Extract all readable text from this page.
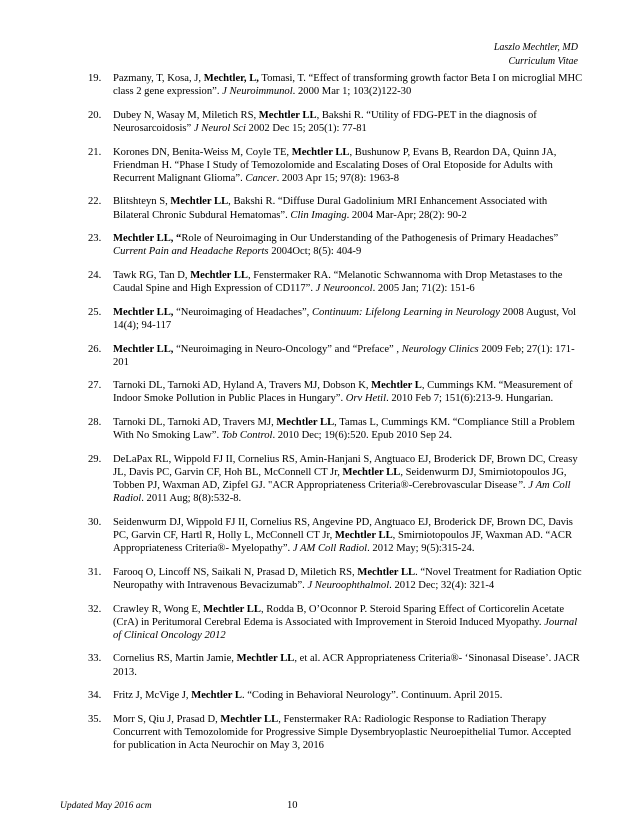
Laszlo Mechtler, MD
Curriculum Vitae
19. Pazmany, T, Kosa, J, Mechtler, L, Tomasi, T. “Effect of transforming growth factor Beta I on microglial MHC class 2 gene expression”. J Neuroimmunol. 2000 Mar 1; 103(2)122-30
20. Dubey N, Wasay M, Miletich RS, Mechtler LL, Bakshi R. “Utility of FDG-PET in the diagnosis of Neurosarcoidosis” J Neurol Sci 2002 Dec 15; 205(1): 77-81
21. Korones DN, Benita-Weiss M, Coyle TE, Mechtler LL, Bushunow P, Evans B, Reardon DA, Quinn JA, Friendman H. “Phase I Study of Temozolomide and Escalating Doses of Oral Etoposide for Adults with Recurrent Malignant Glioma”. Cancer. 2003 Apr 15; 97(8): 1963-8
22. Blitshteyn S, Mechtler LL, Bakshi R. “Diffuse Dural Gadolinium MRI Enhancement Associated with Bilateral Chronic Subdural Hematomas”. Clin Imaging. 2004 Mar-Apr; 28(2): 90-2
23. Mechtler LL, “Role of Neuroimaging in Our Understanding of the Pathogenesis of Primary Headaches” Current Pain and Headache Reports 2004Oct; 8(5): 404-9
24. Tawk RG, Tan D, Mechtler LL, Fenstermaker RA. “Melanotic Schwannoma with Drop Metastases to the Caudal Spine and High Expression of CD117”. J Neurooncol. 2005 Jan; 71(2): 151-6
25. Mechtler LL, “Neuroimaging of Headaches”, Continuum: Lifelong Learning in Neurology 2008 August, Vol 14(4); 94-117
26. Mechtler LL, “Neuroimaging in Neuro-Oncology” and “Preface” , Neurology Clinics 2009 Feb; 27(1): 171-201
27. Tarnoki DL, Tarnoki AD, Hyland A, Travers MJ, Dobson K, Mechtler L, Cummings KM. “Measurement of Indoor Smoke Pollution in Public Places in Hungary”. Orv Hetil. 2010 Feb 7; 151(6):213-9. Hungarian.
28. Tarnoki DL, Tarnoki AD, Travers MJ, Mechtler LL, Tamas L, Cummings KM. “Compliance Still a Problem With No Smoking Law”. Tob Control. 2010 Dec; 19(6):520. Epub 2010 Sep 24.
29. DeLaPax RL, Wippold FJ II, Cornelius RS, Amin-Hanjani S, Angtuaco EJ, Broderick DF, Brown DC, Creasy JL, Davis PC, Garvin CF, Hoh BL, McConnell CT Jr, Mechtler LL, Seidenwurm DJ, Smirniotopoulos JG, Tobben PJ, Waxman AD, Zipfel GJ. "ACR Appropriateness Criteria®-Cerebrovascular Disease”. J Am Coll Radiol. 2011 Aug; 8(8):532-8.
30. Seidenwurm DJ, Wippold FJ II, Cornelius RS, Angevine PD, Angtuaco EJ, Broderick DF, Brown DC, Davis PC, Garvin CF, Hartl R, Holly L, McConnell CT Jr, Mechtler LL, Smirniotopoulos JF, Waxman AD. “ACR Appropriateness Criteria®- Myelopathy”. J AM Coll Radiol. 2012 May; 9(5):315-24.
31. Farooq O, Lincoff NS, Saikali N, Prasad D, Miletich RS, Mechtler LL. “Novel Treatment for Radiation Optic Neuropathy with Intravenous Bevacizumab”. J Neuroophthalmol. 2012 Dec; 32(4): 321-4
32. Crawley R, Wong E, Mechtler LL, Rodda B, O’Oconnor P. Steroid Sparing Effect of Corticorelin Acetate (CrA) in Peritumoral Cerebral Edema is Associated with Improvement in Steroid Induced Myopathy. Journal of Clinical Oncology 2012
33. Cornelius RS, Martin Jamie, Mechtler LL, et al. ACR Appropriateness Criteria®- ‘Sinonasal Disease’. JACR 2013.
34. Fritz J, McVige J, Mechtler L. “Coding in Behavioral Neurology”. Continuum. April 2015.
35. Morr S, Qiu J, Prasad D, Mechtler LL, Fenstermaker RA: Radiologic Response to Radiation Therapy Concurrent with Temozolomide for Progressive Simple Dysembryoplastic Neuroepithelial Tumor. Accepted for publication in Acta Neurochir on May 3, 2016
Updated May 2016 acm	10
